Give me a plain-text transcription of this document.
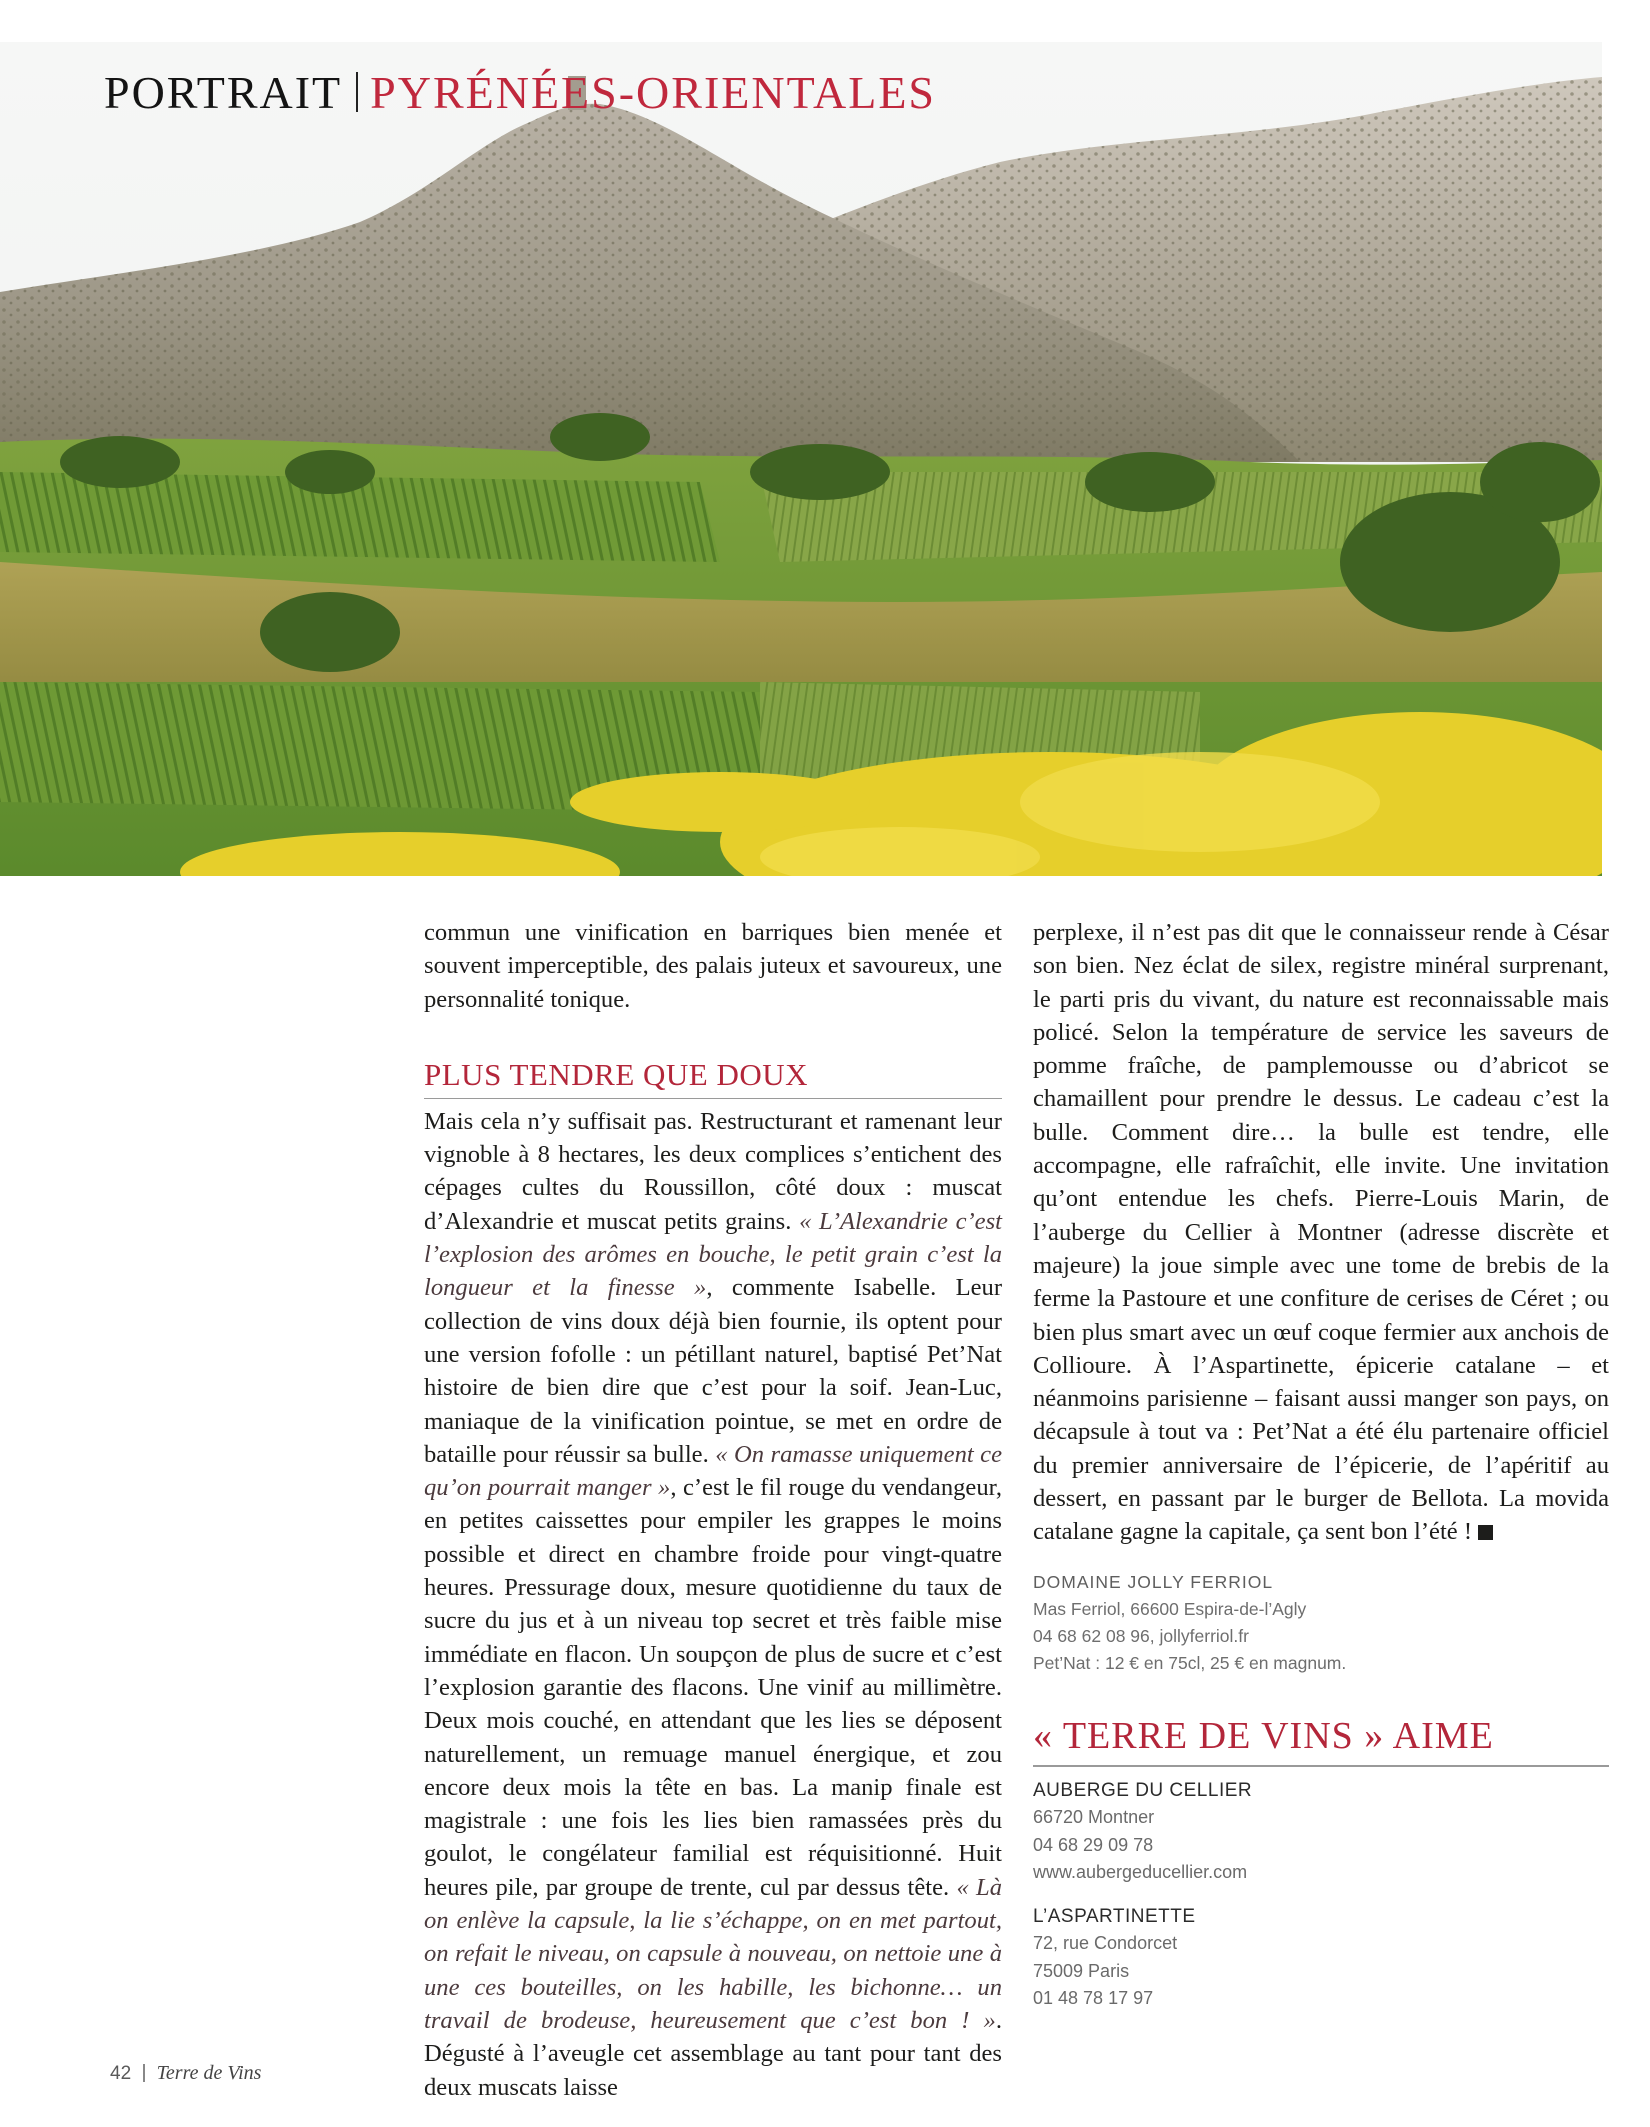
PORTRAIT PYRÉNÉES-ORIENTALES

commun une vinification en barriques bien menée et souvent imperceptible, des palais juteux et savoureux, une personnalité tonique.

PLUS TENDRE QUE DOUX

Mais cela n’y suffisait pas. Restructurant et ramenant leur vignoble à 8 hectares, les deux complices s’entichent des cépages cultes du Roussillon, côté doux : muscat d’Alexandrie et muscat petits grains. « L’Alexandrie c’est l’explosion des arômes en bouche, le petit grain c’est la longueur et la finesse », commente Isabelle. Leur collection de vins doux déjà bien fournie, ils optent pour une version fofolle : un pétillant naturel, baptisé Pet’Nat histoire de bien dire que c’est pour la soif. Jean-Luc, maniaque de la vinification pointue, se met en ordre de bataille pour réussir sa bulle. « On ramasse uniquement ce qu’on pourrait manger », c’est le fil rouge du vendangeur, en petites caissettes pour empiler les grappes le moins possible et direct en chambre froide pour vingt-quatre heures. Pressurage doux, mesure quotidienne du taux de sucre du jus et à un niveau top secret et très faible mise immédiate en flacon. Un soupçon de plus de sucre et c’est l’explosion garantie des flacons. Une vinif au millimètre. Deux mois couché, en attendant que les lies se déposent naturellement, un remuage manuel énergique, et zou encore deux mois la tête en bas. La manip finale est magistrale : une fois les lies bien ramassées près du goulot, le congélateur familial est réquisitionné. Huit heures pile, par groupe de trente, cul par dessus tête. « Là on enlève la capsule, la lie s’échappe, on en met partout, on refait le niveau, on capsule à nouveau, on nettoie une à une ces bouteilles, on les habille, les bichonne… un travail de brodeuse, heureusement que c’est bon ! ». Dégusté à l’aveugle cet assemblage au tant pour tant des deux muscats laisse

perplexe, il n’est pas dit que le connaisseur rende à César son bien. Nez éclat de silex, registre minéral surprenant, le parti pris du vivant, du nature est reconnaissable mais policé. Selon la température de service les saveurs de pomme fraîche, de pamplemousse ou d’abricot se chamaillent pour prendre le dessus. Le cadeau c’est la bulle. Comment dire… la bulle est tendre, elle accompagne, elle rafraîchit, elle invite. Une invitation qu’ont entendue les chefs. Pierre-Louis Marin, de l’auberge du Cellier à Montner (adresse discrète et majeure) la joue simple avec une tome de brebis de la ferme la Pastoure et une confiture de cerises de Céret ; ou bien plus smart avec un œuf coque fermier aux anchois de Collioure. À l’Aspartinette, épicerie catalane – et néanmoins parisienne – faisant aussi manger son pays, on décapsule à tout va : Pet’Nat a été élu partenaire officiel du premier anniversaire de l’épicerie, de l’apéritif au dessert, en passant par le burger de Bellota. La movida catalane gagne la capitale, ça sent bon l’été !

DOMAINE JOLLY FERRIOL
Mas Ferriol, 66600 Espira-de-l’Agly
04 68 62 08 96, jollyferriol.fr
Pet’Nat : 12 € en 75cl, 25 € en magnum.
« TERRE DE VINS » AIME
AUBERGE DU CELLIER
66720 Montner
04 68 29 09 78
www.aubergeducellier.com
L’ASPARTINETTE
72, rue Condorcet
75009 Paris
01 48 78 17 97
42 Terre de Vins
